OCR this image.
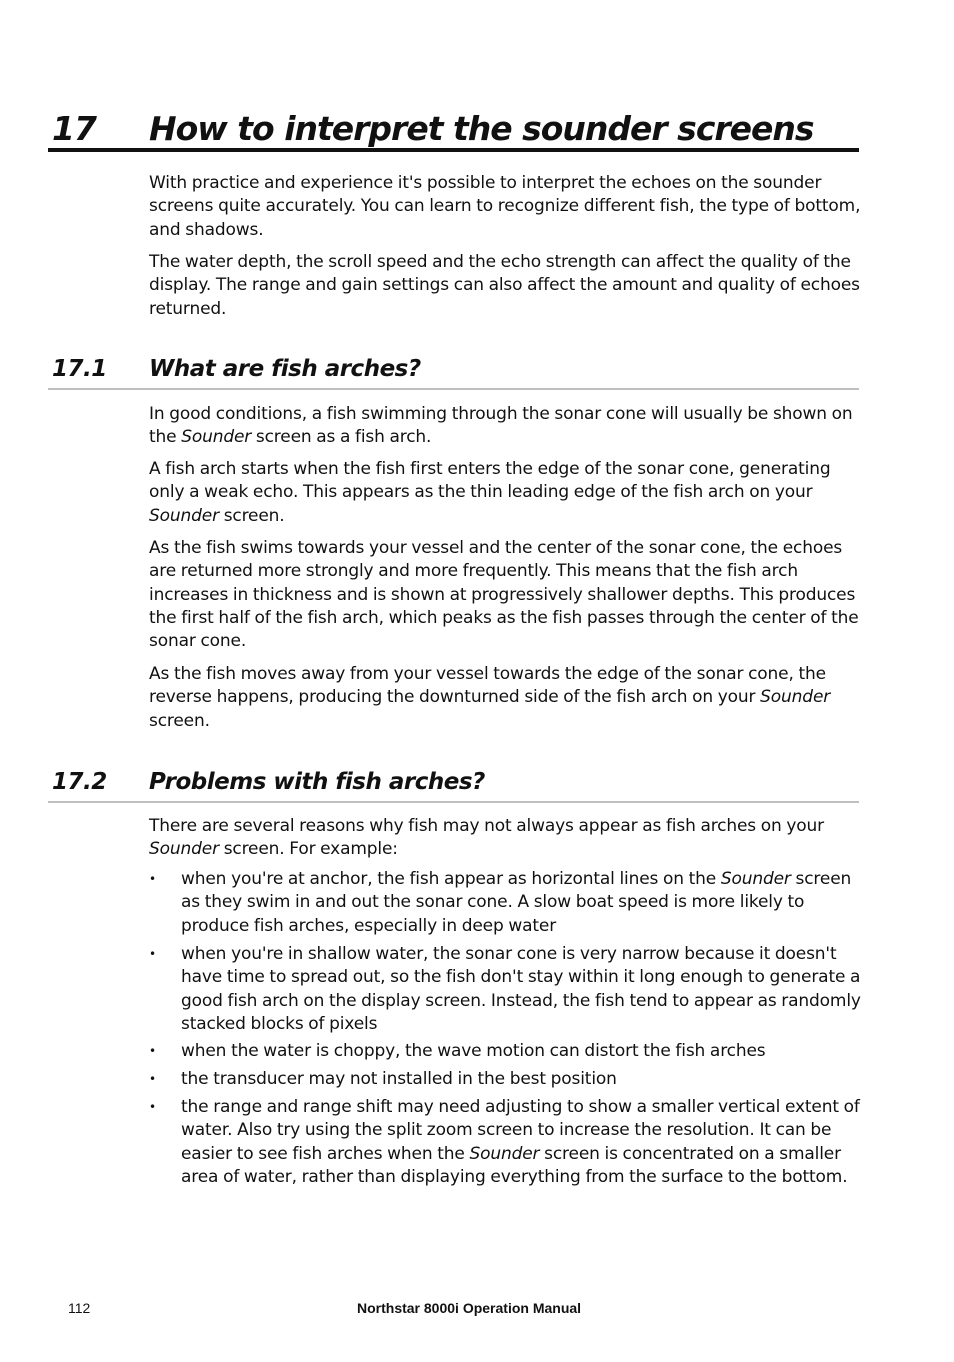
17 How to interpret the sounder screens

With practice and experience it's possible to interpret the echoes on the sounder screens quite accurately. You can learn to recognize different fish, the type of bottom, and shadows.

The water depth, the scroll speed and the echo strength can affect the quality of the display. The range and gain settings can also affect the amount and quality of echoes returned.

17.1 What are fish arches?

In good conditions, a fish swimming through the sonar cone will usually be shown on the Sounder screen as a fish arch.

A fish arch starts when the fish first enters the edge of the sonar cone, generating only a weak echo. This appears as the thin leading edge of the fish arch on your Sounder screen.

As the fish swims towards your vessel and the center of the sonar cone, the echoes are returned more strongly and more frequently. This means that the fish arch increases in thickness and is shown at progressively shallower depths. This produces the first half of the fish arch, which peaks as the fish passes through the center of the sonar cone.

As the fish moves away from your vessel towards the edge of the sonar cone, the reverse happens, producing the downturned side of the fish arch on your Sounder screen.

17.2 Problems with fish arches?

There are several reasons why fish may not always appear as fish arches on your Sounder screen. For example:

• when you're at anchor, the fish appear as horizontal lines on the Sounder screen as they swim in and out the sonar cone. A slow boat speed is more likely to produce fish arches, especially in deep water
• when you're in shallow water, the sonar cone is very narrow because it doesn't have time to spread out, so the fish don't stay within it long enough to generate a good fish arch on the display screen. Instead, the fish tend to appear as randomly stacked blocks of pixels
• when the water is choppy, the wave motion can distort the fish arches
• the transducer may not installed in the best position
• the range and range shift may need adjusting to show a smaller vertical extent of water. Also try using the split zoom screen to increase the resolution. It can be easier to see fish arches when the Sounder screen is concentrated on a smaller area of water, rather than displaying everything from the surface to the bottom.
112	Northstar 8000i Operation Manual
